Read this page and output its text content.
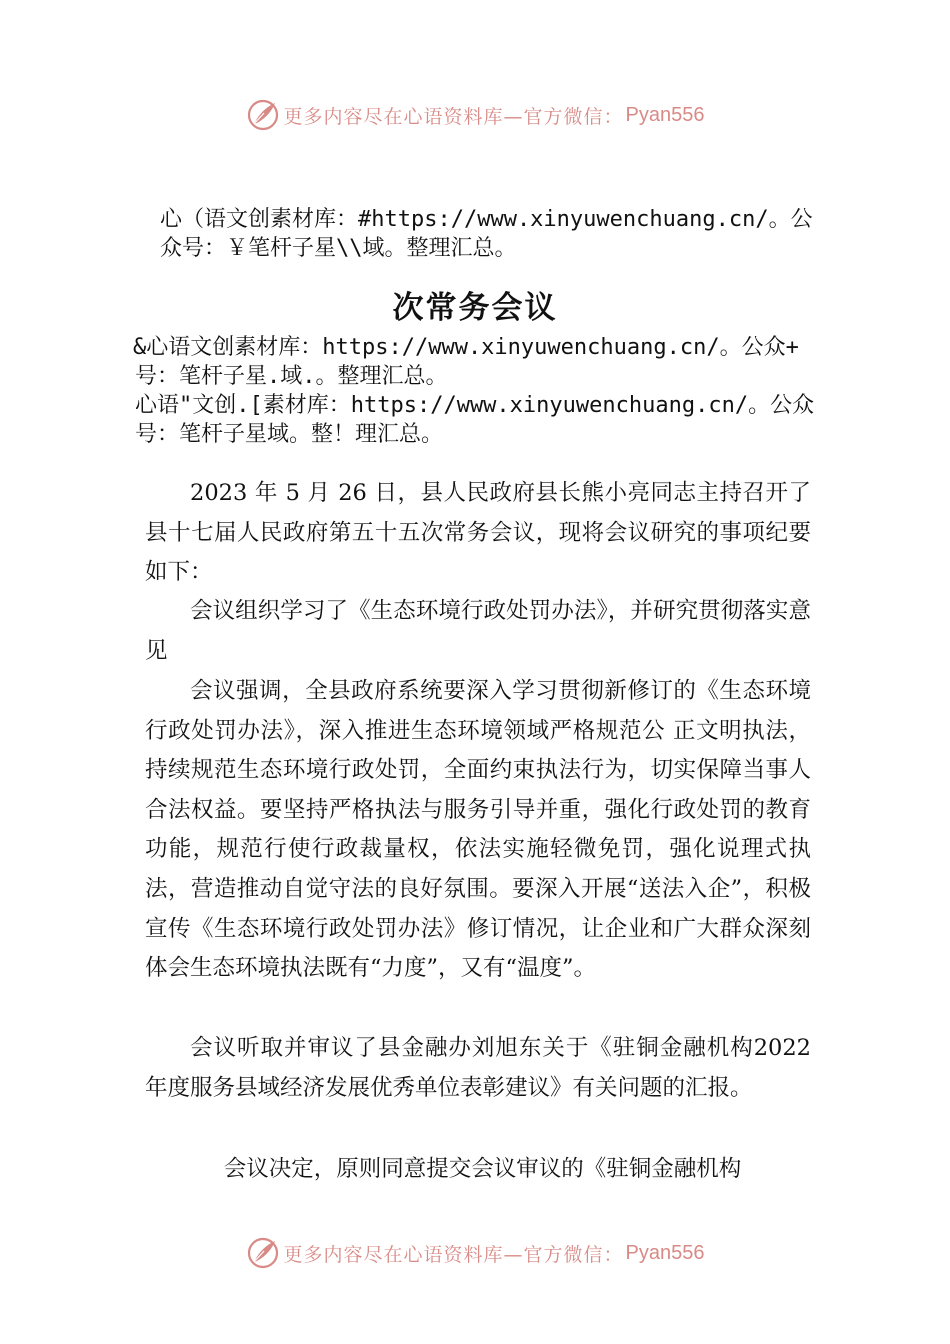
更多内容尽在心语资料库—官方微信： Pyan556
心（语文创素材库：#https://www.xinyuwenchuang.cn/。公
众号：￥笔杆子星\\域。整理汇总。
次常务会议
&心语文创素材库：https://www.xinyuwenchuang.cn/。公众+
号：笔杆子星.域.。整理汇总。
心语"文创.[素材库：https://www.xinyuwenchuang.cn/。公众
号：笔杆子星域。整！理汇总。
2023 年 5 月 26 日，县人民政府县长熊小亮同志主持召开了县十七届人民政府第五十五次常务会议，现将会议研究的事项纪要如下：
会议组织学习了《生态环境行政处罚办法》，并研究贯彻落实意见
会议强调，全县政府系统要深入学习贯彻新修订的《生态环境行政处罚办法》，深入推进生态环境领域严格规范公 正文明执法，持续规范生态环境行政处罚，全面约束执法行为，切实保障当事人合法权益。要坚持严格执法与服务引导并重，强化行政处罚的教育功能，规范行使行政裁量权，依法实施轻微免罚，强化说理式执法，营造推动自觉守法的良好氛围。要深入开展“送法入企”，积极宣传《生态环境行政处罚办法》修订情况，让企业和广大群众深刻体会生态环境执法既有“力度”，又有“温度”。
会议听取并审议了县金融办刘旭东关于《驻铜金融机构2022 年度服务县域经济发展优秀单位表彰建议》有关问题的汇报。
会议决定，原则同意提交会议审议的《驻铜金融机构
更多内容尽在心语资料库—官方微信： Pyan556
